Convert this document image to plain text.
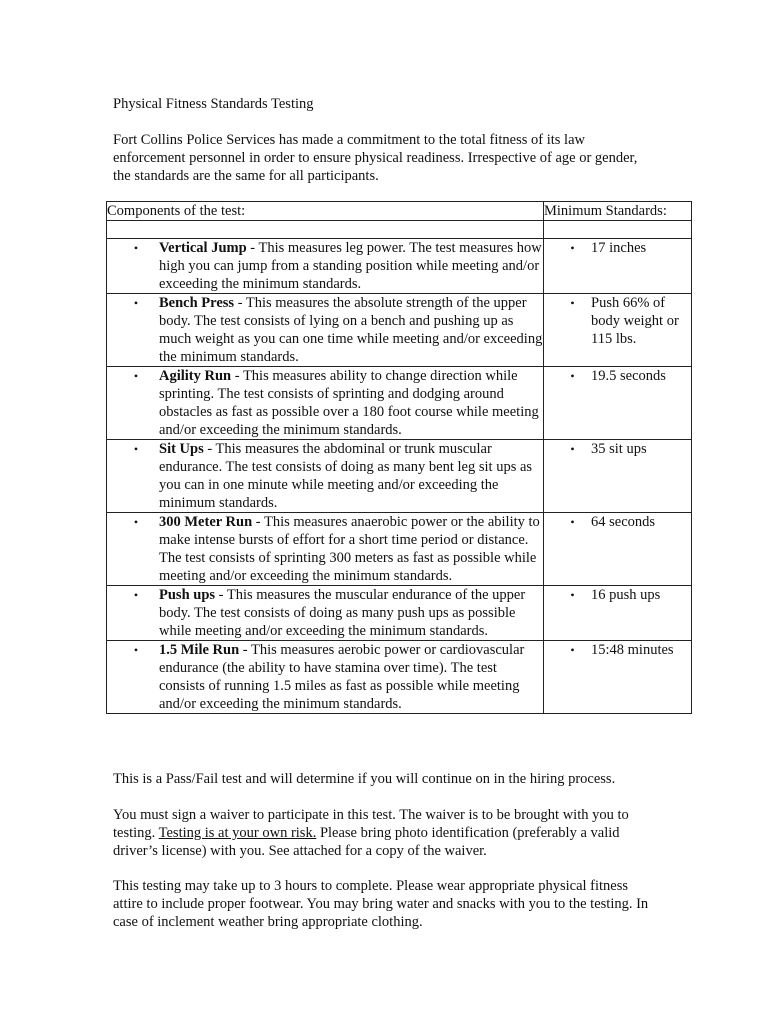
Physical Fitness Standards Testing

Fort Collins Police Services has made a commitment to the total fitness of its law enforcement personnel in order to ensure physical readiness. Irrespective of age or gender, the standards are the same for all participants.

Components of the test:	Minimum Standards:

• Vertical Jump - This measures leg power. The test measures how high you can jump from a standing position while meeting and/or exceeding the minimum standards.	• 17 inches

• Bench Press - This measures the absolute strength of the upper body. The test consists of lying on a bench and pushing up as much weight as you can one time while meeting and/or exceeding the minimum standards.	• Push 66% of body weight or 115 lbs.

• Agility Run - This measures ability to change direction while sprinting. The test consists of sprinting and dodging around obstacles as fast as possible over a 180 foot course while meeting and/or exceeding the minimum standards.	• 19.5 seconds

• Sit Ups - This measures the abdominal or trunk muscular endurance. The test consists of doing as many bent leg sit ups as you can in one minute while meeting and/or exceeding the minimum standards.	• 35 sit ups

• 300 Meter Run - This measures anaerobic power or the ability to make intense bursts of effort for a short time period or distance. The test consists of sprinting 300 meters as fast as possible while meeting and/or exceeding the minimum standards.	• 64 seconds

• Push ups - This measures the muscular endurance of the upper body. The test consists of doing as many push ups as possible while meeting and/or exceeding the minimum standards.	• 16 push ups

• 1.5 Mile Run - This measures aerobic power or cardiovascular endurance (the ability to have stamina over time). The test consists of running 1.5 miles as fast as possible while meeting and/or exceeding the minimum standards.	• 15:48 minutes

This is a Pass/Fail test and will determine if you will continue on in the hiring process.

You must sign a waiver to participate in this test. The waiver is to be brought with you to testing. Testing is at your own risk. Please bring photo identification (preferably a valid driver’s license) with you. See attached for a copy of the waiver.

This testing may take up to 3 hours to complete. Please wear appropriate physical fitness attire to include proper footwear. You may bring water and snacks with you to the testing. In case of inclement weather bring appropriate clothing.
